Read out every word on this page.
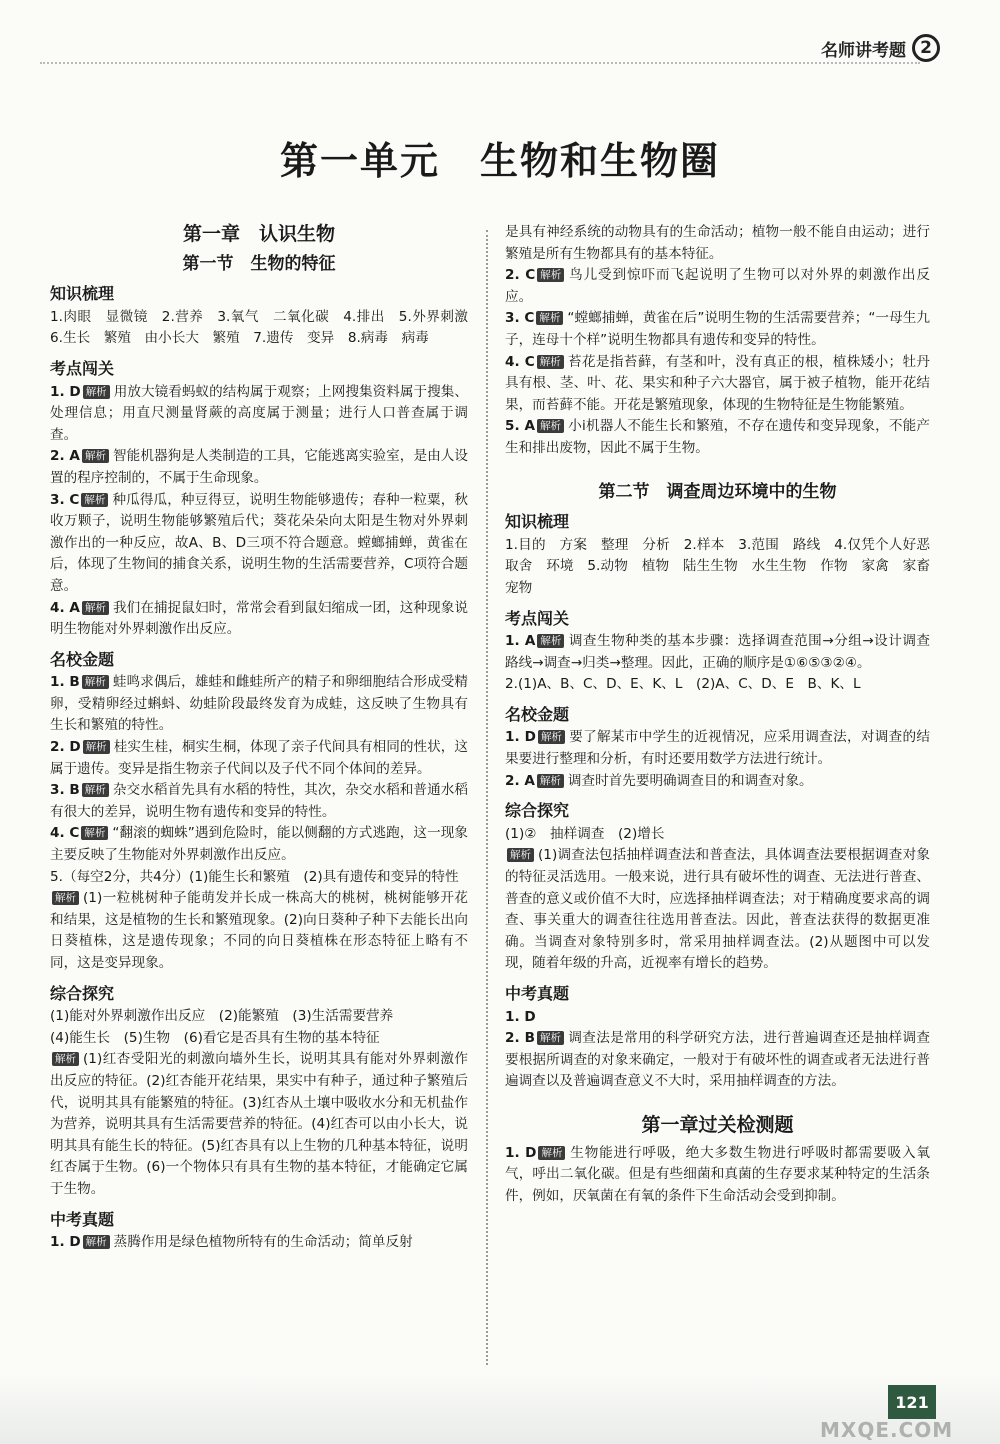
名师讲考题 2
第一单元　生物和生物圈
第一章　认识生物
第一节　生物的特征
知识梳理

1.肉眼　显微镜　2.营养　3.氧气　二氧化碳　4.排出　5.外界刺激　6.生长　繁殖　由小长大　繁殖　7.遗传　变异　8.病毒　病毒

考点闯关

1. D 解析 用放大镜看蚂蚁的结构属于观察；上网搜集资料属于搜集、处理信息；用直尺测量肾蕨的高度属于测量；进行人口普查属于调查。

2. A 解析 智能机器狗是人类制造的工具，它能逃离实验室，是由人设置的程序控制的，不属于生命现象。

3. C 解析 种瓜得瓜，种豆得豆，说明生物能够遗传；春种一粒粟，秋收万颗子，说明生物能够繁殖后代；葵花朵朵向太阳是生物对外界刺激作出的一种反应，故A、B、D三项不符合题意。螳螂捕蝉，黄雀在后，体现了生物间的捕食关系，说明生物的生活需要营养，C项符合题意。

4. A 解析 我们在捕捉鼠妇时，常常会看到鼠妇缩成一团，这种现象说明生物能对外界刺激作出反应。

名校金题

1. B 解析 蛙鸣求偶后，雄蛙和雌蛙所产的精子和卵细胞结合形成受精卵，受精卵经过蝌蚪、幼蛙阶段最终发育为成蛙，这反映了生物具有生长和繁殖的特性。

2. D 解析 桂实生桂，桐实生桐，体现了亲子代间具有相同的性状，这属于遗传。变异是指生物亲子代间以及子代不同个体间的差异。

3. B 解析 杂交水稻首先具有水稻的特性，其次，杂交水稻和普通水稻有很大的差异，说明生物有遗传和变异的特性。

4. C 解析 “翻滚的蜘蛛”遇到危险时，能以侧翻的方式逃跑，这一现象主要反映了生物能对外界刺激作出反应。

5.（每空2分，共4分）(1)能生长和繁殖　(2)具有遗传和变异的特性

解析 (1)一粒桃树种子能萌发并长成一株高大的桃树，桃树能够开花和结果，这是植物的生长和繁殖现象。(2)向日葵种子种下去能长出向日葵植株，这是遗传现象；不同的向日葵植株在形态特征上略有不同，这是变异现象。

综合探究

(1)能对外界刺激作出反应　(2)能繁殖　(3)生活需要营养

(4)能生长　(5)生物　(6)看它是否具有生物的基本特征

解析 (1)红杏受阳光的刺激向墙外生长，说明其具有能对外界刺激作出反应的特征。(2)红杏能开花结果，果实中有种子，通过种子繁殖后代，说明其具有能繁殖的特征。(3)红杏从土壤中吸收水分和无机盐作为营养，说明其具有生活需要营养的特征。(4)红杏可以由小长大，说明其具有能生长的特征。(5)红杏具有以上生物的几种基本特征，说明红杏属于生物。(6)一个物体只有具有生物的基本特征，才能确定它属于生物。

中考真题

1. D 解析 蒸腾作用是绿色植物所特有的生命活动；简单反射

是具有神经系统的动物具有的生命活动；植物一般不能自由运动；进行繁殖是所有生物都具有的基本特征。

2. C 解析 鸟儿受到惊吓而飞起说明了生物可以对外界的刺激作出反应。

3. C 解析 “螳螂捕蝉，黄雀在后”说明生物的生活需要营养；“一母生九子，连母十个样”说明生物都具有遗传和变异的特性。

4. C 解析 苔花是指苔藓，有茎和叶，没有真正的根，植株矮小；牡丹具有根、茎、叶、花、果实和种子六大器官，属于被子植物，能开花结果，而苔藓不能。开花是繁殖现象，体现的生物特征是生物能繁殖。

5. A 解析 小i机器人不能生长和繁殖，不存在遗传和变异现象，不能产生和排出废物，因此不属于生物。

第二节　调查周边环境中的生物
知识梳理

1.目的　方案　整理　分析　2.样本　3.范围　路线　4.仅凭个人好恶取舍　环境　5.动物　植物　陆生生物　水生生物　作物　家禽　家畜　宠物

考点闯关

1. A 解析 调查生物种类的基本步骤：选择调查范围→分组→设计调查路线→调查→归类→整理。因此，正确的顺序是①⑥⑤③②④。

2.(1)A、B、C、D、E、K、L　(2)A、C、D、E　B、K、L

名校金题

1. D 解析 要了解某市中学生的近视情况，应采用调查法，对调查的结果要进行整理和分析，有时还要用数学方法进行统计。

2. A 解析 调查时首先要明确调查目的和调查对象。

综合探究

(1)②　抽样调查　(2)增长

解析 (1)调查法包括抽样调查法和普查法，具体调查法要根据调查对象的特征灵活选用。一般来说，进行具有破坏性的调查、无法进行普查、普查的意义或价值不大时，应选择抽样调查法；对于精确度要求高的调查、事关重大的调查往往选用普查法。因此，普查法获得的数据更准确。当调查对象特别多时，常采用抽样调查法。(2)从题图中可以发现，随着年级的升高，近视率有增长的趋势。

中考真题

1. D

2. B 解析 调查法是常用的科学研究方法，进行普遍调查还是抽样调查要根据所调查的对象来确定，一般对于有破坏性的调查或者无法进行普遍调查以及普遍调查意义不大时，采用抽样调查的方法。

第一章过关检测题

1. D 解析 生物能进行呼吸，绝大多数生物进行呼吸时都需要吸入氧气，呼出二氧化碳。但是有些细菌和真菌的生存要求某种特定的生活条件，例如，厌氧菌在有氧的条件下生命活动会受到抑制。

121
MXQE.COM
